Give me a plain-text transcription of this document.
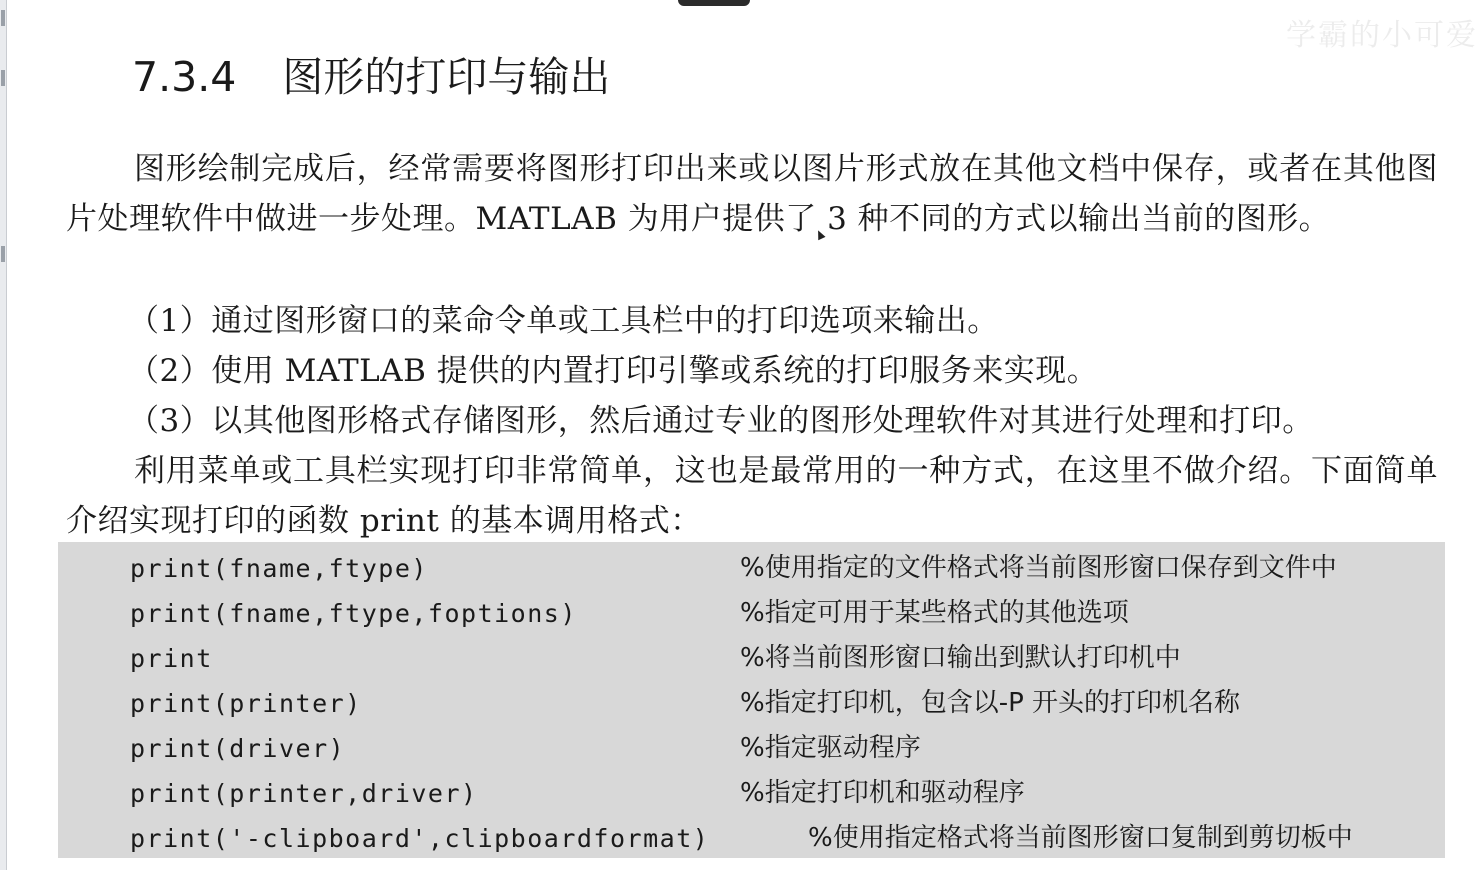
学霸的小可爱
7.3.4 图形的打印与输出
图形绘制完成后，经常需要将图形打印出来或以图片形式放在其他文档中保存，或者在其他图片处理软件中做进一步处理。MATLAB 为用户提供了 3 种不同的方式以输出当前的图形。
（1）通过图形窗口的菜命令单或工具栏中的打印选项来输出。
（2）使用 MATLAB 提供的内置打印引擎或系统的打印服务来实现。
（3）以其他图形格式存储图形，然后通过专业的图形处理软件对其进行处理和打印。
利用菜单或工具栏实现打印非常简单，这也是最常用的一种方式，在这里不做介绍。下面简单介绍实现打印的函数 print 的基本调用格式：
print(fname,ftype)	%使用指定的文件格式将当前图形窗口保存到文件中
print(fname,ftype,foptions)	%指定可用于某些格式的其他选项
print	%将当前图形窗口输出到默认打印机中
print(printer)	%指定打印机，包含以-P 开头的打印机名称
print(driver)	%指定驱动程序
print(printer,driver)	%指定打印机和驱动程序
print('-clipboard',clipboardformat)	%使用指定格式将当前图形窗口复制到剪切板中
